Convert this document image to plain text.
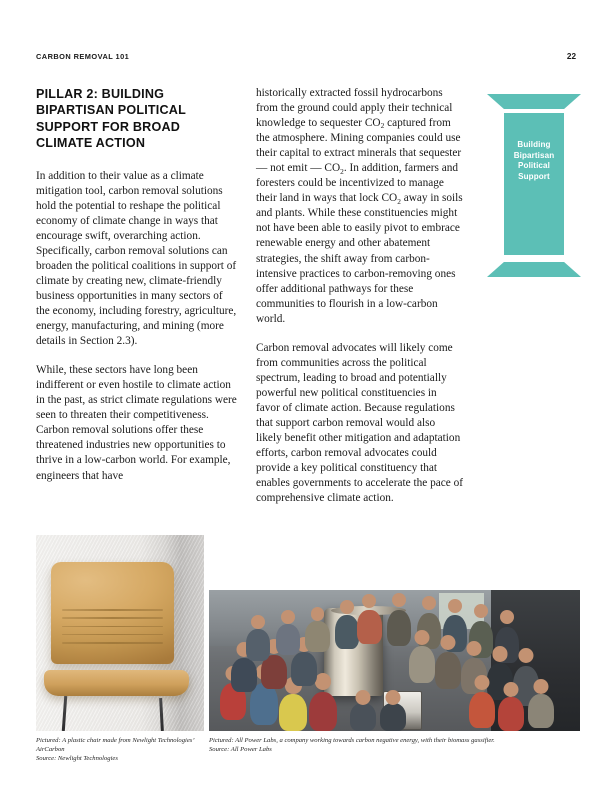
CARBON REMOVAL 101	22
PILLAR 2: BUILDING BIPARTISAN POLITICAL SUPPORT FOR BROAD CLIMATE ACTION

In addition to their value as a climate mitigation tool, carbon removal solutions hold the potential to reshape the political economy of climate change in ways that encourage swift, overarching action. Specifically, carbon removal solutions can broaden the political coalitions in support of climate by creating new, climate-friendly business opportunities in many sectors of the economy, including forestry, agriculture, energy, manufacturing, and mining (more details in Section 2.3).

While, these sectors have long been indifferent or even hostile to climate action in the past, as strict climate regulations were seen to threaten their competitiveness. Carbon removal solutions offer these threatened industries new opportunities to thrive in a low-carbon world. For example, engineers that have

historically extracted fossil hydrocarbons from the ground could apply their technical knowledge to sequester $CO_2$ captured from the atmosphere. Mining companies could use their capital to extract minerals that sequester — not emit — $CO_2$. In addition, farmers and foresters could be incentivized to manage their land in ways that lock $CO_2$ away in soils and plants. While these constituencies might not have been able to easily pivot to embrace renewable energy and other abatement strategies, the shift away from carbon-intensive practices to carbon-removing ones offer additional pathways for these communities to flourish in a low-carbon world.

Carbon removal advocates will likely come from communities across the political spectrum, leading to broad and potentially powerful new political constituencies in favor of climate action. Because regulations that support carbon removal would also likely benefit other mitigation and adaptation efforts, carbon removal advocates could provide a key political constituency that enables governments to accelerate the pace of comprehensive climate action.

Building Bipartisan Political Support
Pictured: A plastic chair made from Newlight Technologies’ AirCarbon
Source: Newlight Technologies
Pictured: All Power Labs, a company working towards carbon negative energy, with their biomass gassifier.
Source: All Power Labs
